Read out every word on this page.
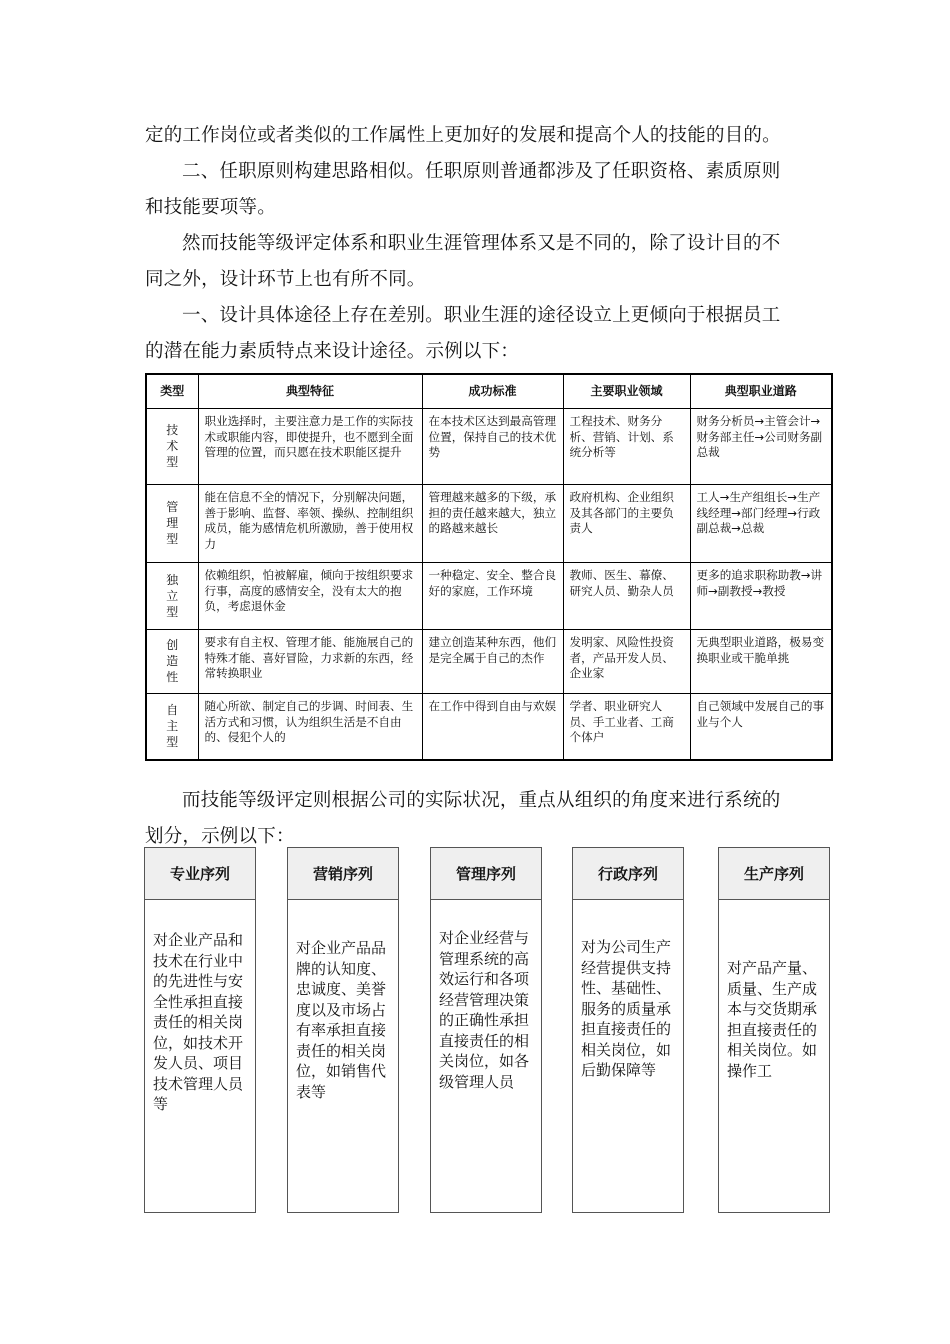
定的工作岗位或者类似的工作属性上更加好的发展和提高个人的技能的目的。

二、任职原则构建思路相似。任职原则普通都涉及了任职资格、素质原则

和技能要项等。

然而技能等级评定体系和职业生涯管理体系又是不同的，除了设计目的不

同之外，设计环节上也有所不同。

一、设计具体途径上存在差别。职业生涯的途径设立上更倾向于根据员工

的潜在能力素质特点来设计途径。示例以下：

类型	典型特征	成功标准	主要职业领域	典型职业道路
技术型	职业选择时，主要注意力是工作的实际技术或职能内容，即使提升，也不愿到全面管理的位置，而只愿在技术职能区提升	在本技术区达到最高管理位置，保持自己的技术优势	工程技术、财务分析、营销、计划、系统分析等	财务分析员→主管会计→财务部主任→公司财务副总裁

管理型	能在信息不全的情况下，分别解决问题，善于影响、监督、率领、操纵、控制组织成员，能为感情危机所激励，善于使用权力	管理越来越多的下级，承担的责任越来越大，独立的路越来越长	政府机构、企业组织及其各部门的主要负责人	工人→生产组组长→生产线经理→部门经理→行政副总裁→总裁

独立型	依赖组织，怕被解雇，倾向于按组织要求行事，高度的感情安全，没有太大的抱负，考虑退休金	一种稳定、安全、整合良好的家庭，工作环境	教师、医生、幕僚、研究人员、勤杂人员	更多的追求职称助教→讲师→副教授→教授

创造性	要求有自主权、管理才能、能施展自己的特殊才能、喜好冒险，力求新的东西，经常转换职业	建立创造某种东西，他们是完全属于自己的杰作	发明家、风险性投资者，产品开发人员、企业家	无典型职业道路，极易变换职业或干脆单挑

自主型	随心所欲、制定自己的步调、时间表、生活方式和习惯，认为组织生活是不自由的、侵犯个人的	在工作中得到自由与欢娱	学者、职业研究人员、手工业者、工商个体户	自己领域中发展自己的事业与个人

而技能等级评定则根据公司的实际状况，重点从组织的角度来进行系统的

划分，示例以下：

专业序列
对企业产品和技术在行业中的先进性与安全性承担直接责任的相关岗位，如技术开发人员、项目技术管理人员等
营销序列
对企业产品品牌的认知度、忠诚度、美誉度以及市场占有率承担直接责任的相关岗位，如销售代表等
管理序列
对企业经营与管理系统的高效运行和各项经营管理决策的正确性承担直接责任的相关岗位，如各级管理人员
行政序列
对为公司生产经营提供支持性、基础性、服务的质量承担直接责任的相关岗位，如后勤保障等
生产序列
对产品产量、质量、生产成本与交货期承担直接责任的相关岗位。如操作工
